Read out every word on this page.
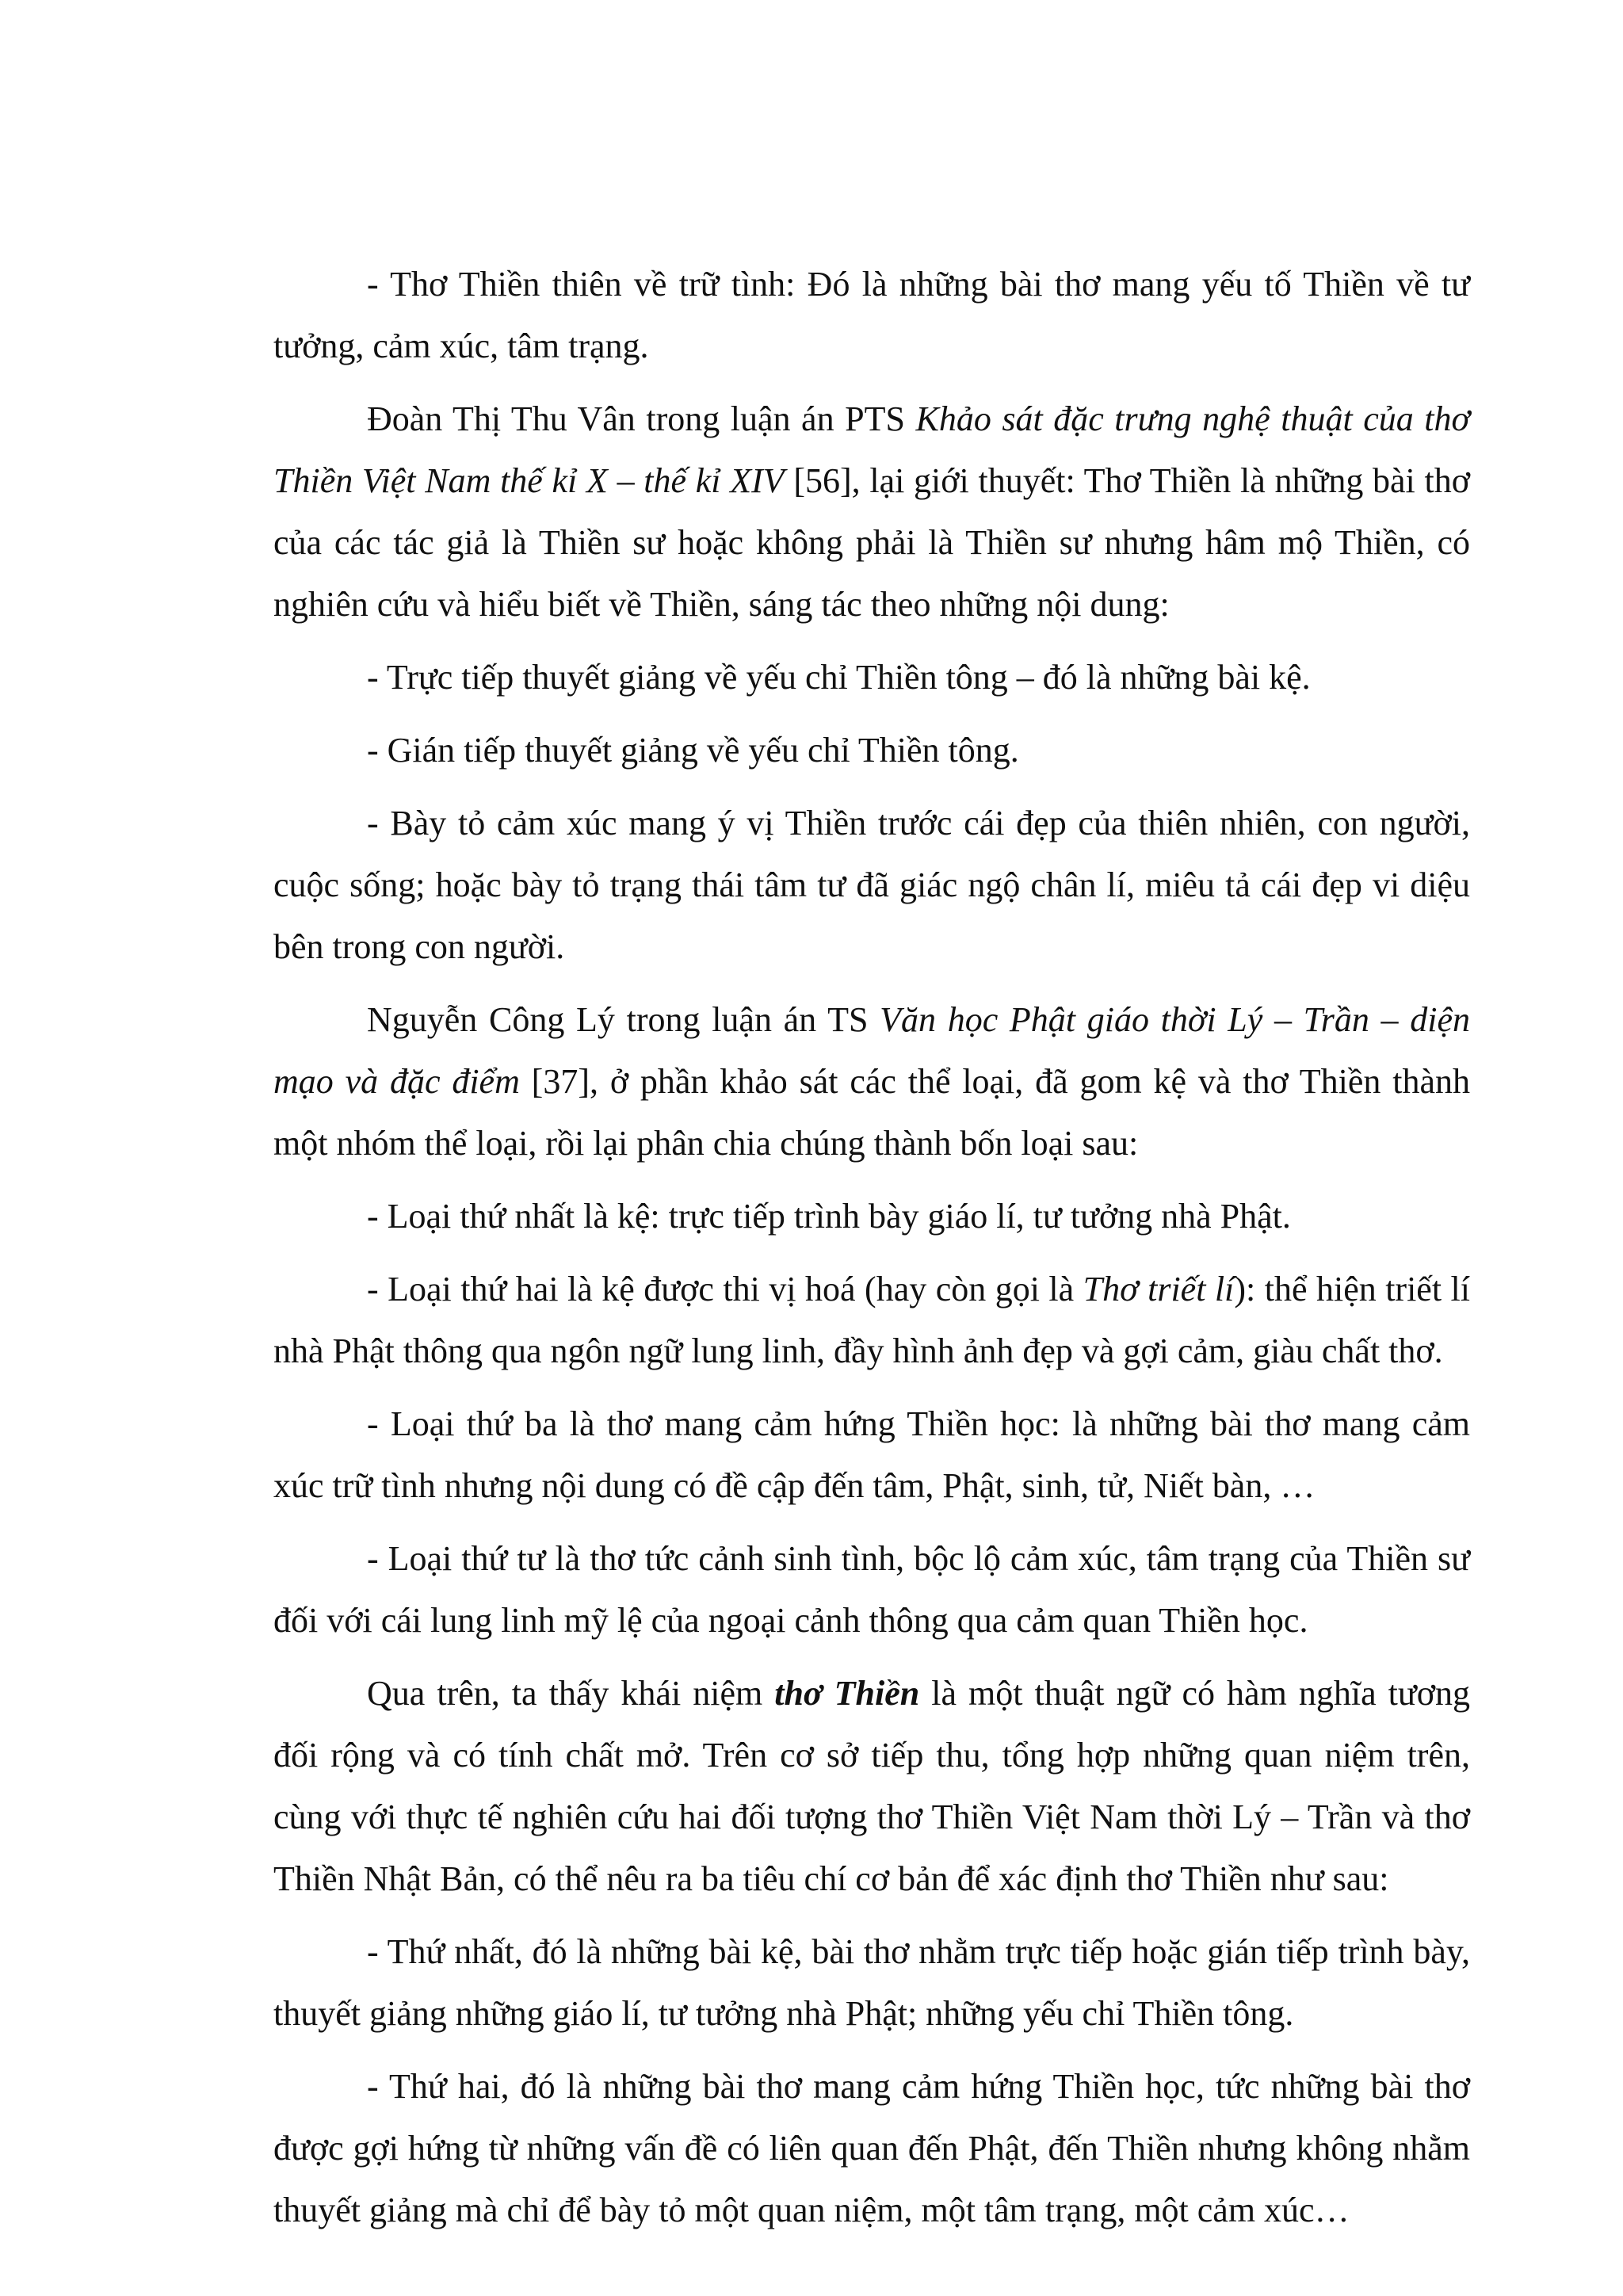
- Thơ Thiền thiên về trữ tình: Đó là những bài thơ mang yếu tố Thiền về tư tưởng, cảm xúc, tâm trạng.

Đoàn Thị Thu Vân trong luận án PTS Khảo sát đặc trưng nghệ thuật của thơ Thiền Việt Nam thế kỉ X – thế kỉ XIV [56], lại giới thuyết: Thơ Thiền là những bài thơ của các tác giả là Thiền sư hoặc không phải là Thiền sư nhưng hâm mộ Thiền, có nghiên cứu và hiểu biết về Thiền, sáng tác theo những nội dung:

- Trực tiếp thuyết giảng về yếu chỉ Thiền tông – đó là những bài kệ.

- Gián tiếp thuyết giảng về yếu chỉ Thiền tông.

- Bày tỏ cảm xúc mang ý vị Thiền trước cái đẹp của thiên nhiên, con người, cuộc sống; hoặc bày tỏ trạng thái tâm tư đã giác ngộ chân lí, miêu tả cái đẹp vi diệu bên trong con người.

Nguyễn Công Lý trong luận án TS Văn học Phật giáo thời Lý – Trần – diện mạo và đặc điểm [37], ở phần khảo sát các thể loại, đã gom kệ và thơ Thiền thành một nhóm thể loại, rồi lại phân chia chúng thành bốn loại sau:

- Loại thứ nhất là kệ: trực tiếp trình bày giáo lí, tư tưởng nhà Phật.

- Loại thứ hai là kệ được thi vị hoá (hay còn gọi là Thơ triết lí): thể hiện triết lí nhà Phật thông qua ngôn ngữ lung linh, đầy hình ảnh đẹp và gợi cảm, giàu chất thơ.

- Loại thứ ba là thơ mang cảm hứng Thiền học: là những bài thơ mang cảm xúc trữ tình nhưng nội dung có đề cập đến tâm, Phật, sinh, tử, Niết bàn, …

- Loại thứ tư là thơ tức cảnh sinh tình, bộc lộ cảm xúc, tâm trạng của Thiền sư đối với cái lung linh mỹ lệ của ngoại cảnh thông qua cảm quan Thiền học.

Qua trên, ta thấy khái niệm thơ Thiền là một thuật ngữ có hàm nghĩa tương đối rộng và có tính chất mở. Trên cơ sở tiếp thu, tổng hợp những quan niệm trên, cùng với thực tế nghiên cứu hai đối tượng thơ Thiền Việt Nam thời Lý – Trần và thơ Thiền Nhật Bản, có thể nêu ra ba tiêu chí cơ bản để xác định thơ Thiền như sau:

- Thứ nhất, đó là những bài kệ, bài thơ nhằm trực tiếp hoặc gián tiếp trình bày, thuyết giảng những giáo lí, tư tưởng nhà Phật; những yếu chỉ Thiền tông.

- Thứ hai, đó là những bài thơ mang cảm hứng Thiền học, tức những bài thơ được gợi hứng từ những vấn đề có liên quan đến Phật, đến Thiền nhưng không nhằm thuyết giảng mà chỉ để bày tỏ một quan niệm, một tâm trạng, một cảm xúc…
